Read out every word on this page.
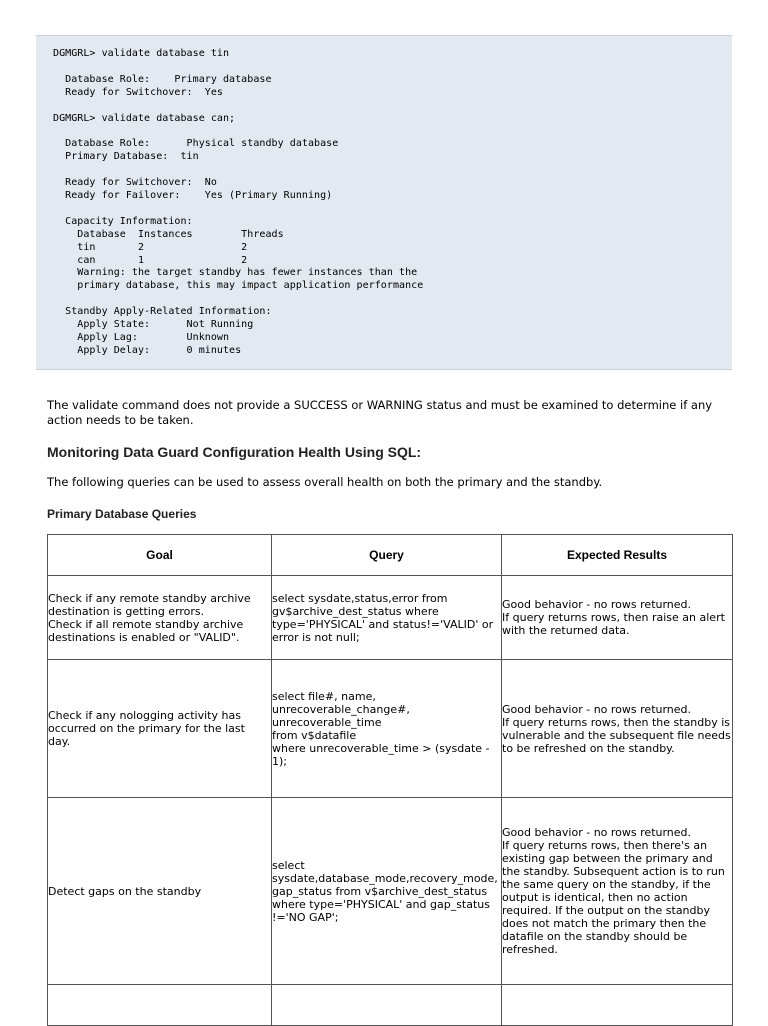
DGMGRL> validate database tin

Database Role:    Primary database
Ready for Switchover:  Yes

DGMGRL> validate database can;

Database Role:      Physical standby database
Primary Database:  tin

Ready for Switchover:  No
Ready for Failover:    Yes (Primary Running)

Capacity Information:
Database  Instances        Threads
tin       2                2
can       1                2
Warning: the target standby has fewer instances than the
primary database, this may impact application performance

Standby Apply-Related Information:
Apply State:      Not Running
Apply Lag:        Unknown
Apply Delay:      0 minutes

The validate command does not provide a SUCCESS or WARNING status and must be examined to determine if any action needs to be taken.

Monitoring Data Guard Configuration Health Using SQL:

The following queries can be used to assess overall health on both the primary and the standby.

Primary Database Queries
Goal	Query	Expected Results
Check if any remote standby archive destination is getting errors.
Check if all remote standby archive destinations is enabled or "VALID".	select sysdate,status,error from gv$archive_dest_status where type='PHYSICAL' and status!='VALID' or error is not null;	Good behavior - no rows returned.
If query returns rows, then raise an alert with the returned data.
Check if any nologging activity has occurred on the primary for the last day.	select file#, name,
unrecoverable_change#,
unrecoverable_time
from v$datafile
where unrecoverable_time > (sysdate - 1);	Good behavior - no rows returned.
If query returns rows, then the standby is vulnerable and the subsequent file needs to be refreshed on the standby.
Detect gaps on the standby	select sysdate,database_mode,recovery_mode, gap_status from v$archive_dest_status where type='PHYSICAL' and gap_status !='NO GAP';	Good behavior - no rows returned.
If query returns rows, then there's an existing gap between the primary and the standby. Subsequent action is to run the same query on the standby, if the output is identical, then no action required. If the output on the standby does not match the primary then the datafile on the standby should be refreshed.
